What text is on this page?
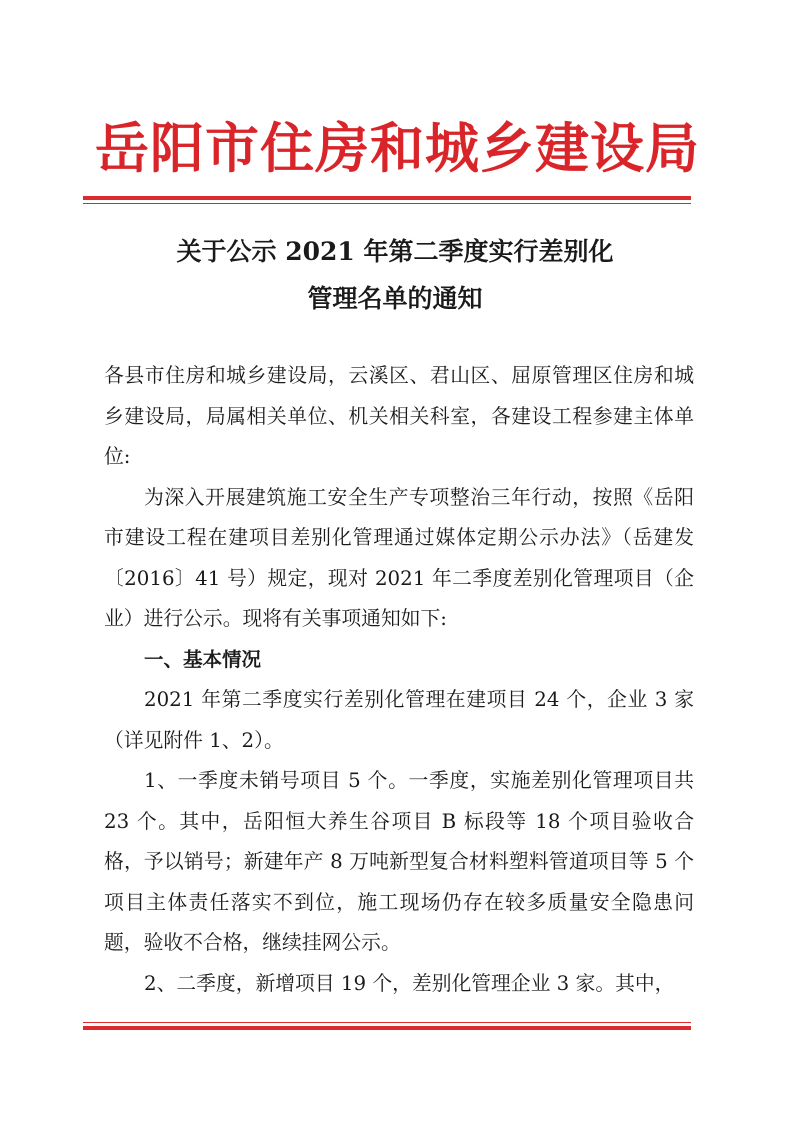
岳阳市住房和城乡建设局
关于公示 2021 年第二季度实行差别化
管理名单的通知

各县市住房和城乡建设局，云溪区、君山区、屈原管理区住房和城乡建设局，局属相关单位、机关相关科室，各建设工程参建主体单位:

为深入开展建筑施工安全生产专项整治三年行动，按照《岳阳市建设工程在建项目差别化管理通过媒体定期公示办法》（岳建发〔2016〕41 号）规定，现对 2021 年二季度差别化管理项目（企业）进行公示。现将有关事项通知如下:

一、基本情况

2021 年第二季度实行差别化管理在建项目 24 个，企业 3 家（详见附件 1、2）。

1、一季度未销号项目 5 个。一季度，实施差别化管理项目共 23 个。其中，岳阳恒大养生谷项目 B 标段等 18 个项目验收合格，予以销号；新建年产 8 万吨新型复合材料塑料管道项目等 5 个项目主体责任落实不到位，施工现场仍存在较多质量安全隐患问题，验收不合格，继续挂网公示。

2、二季度，新增项目 19 个，差别化管理企业 3 家。其中，
